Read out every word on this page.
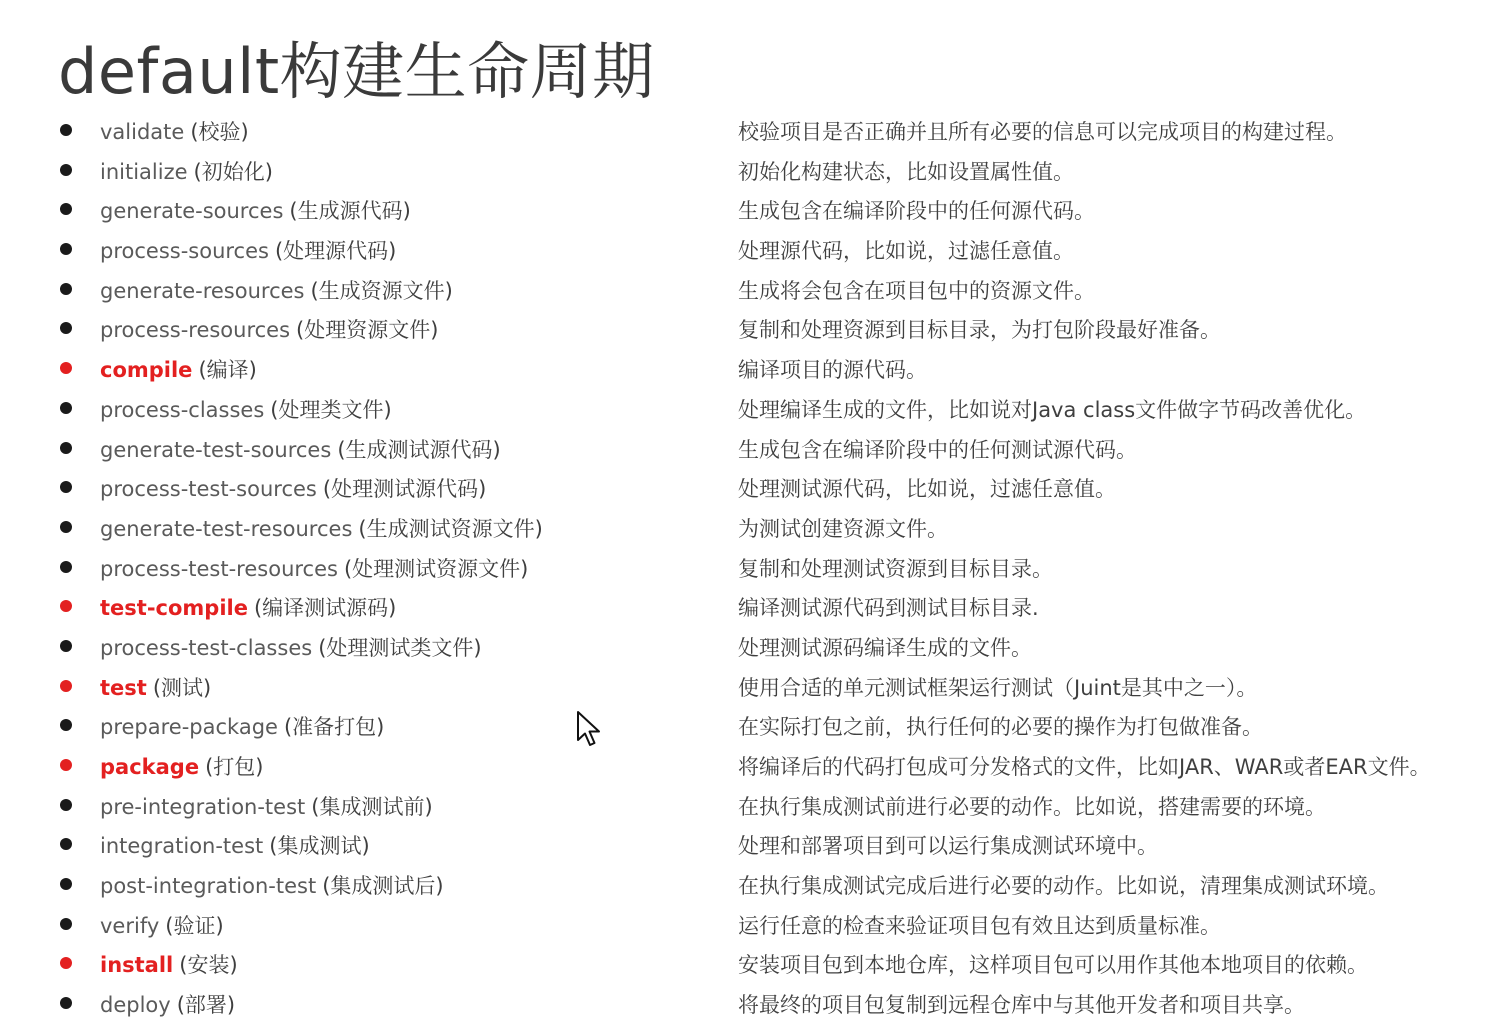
default构建生命周期
validate (校验)	校验项目是否正确并且所有必要的信息可以完成项目的构建过程。
initialize (初始化)	初始化构建状态，比如设置属性值。
generate-sources (生成源代码)	生成包含在编译阶段中的任何源代码。
process-sources (处理源代码)	处理源代码，比如说，过滤任意值。
generate-resources (生成资源文件)	生成将会包含在项目包中的资源文件。
process-resources (处理资源文件)	复制和处理资源到目标目录，为打包阶段最好准备。
compile (编译)	编译项目的源代码。
process-classes (处理类文件)	处理编译生成的文件，比如说对Java class文件做字节码改善优化。
generate-test-sources (生成测试源代码)	生成包含在编译阶段中的任何测试源代码。
process-test-sources (处理测试源代码)	处理测试源代码，比如说，过滤任意值。
generate-test-resources (生成测试资源文件)	为测试创建资源文件。
process-test-resources (处理测试资源文件)	复制和处理测试资源到目标目录。
test-compile (编译测试源码)	编译测试源代码到测试目标目录.
process-test-classes (处理测试类文件)	处理测试源码编译生成的文件。
test (测试)	使用合适的单元测试框架运行测试（Juint是其中之一）。
prepare-package (准备打包)	在实际打包之前，执行任何的必要的操作为打包做准备。
package (打包)	将编译后的代码打包成可分发格式的文件，比如JAR、WAR或者EAR文件。
pre-integration-test (集成测试前)	在执行集成测试前进行必要的动作。比如说，搭建需要的环境。
integration-test (集成测试)	处理和部署项目到可以运行集成测试环境中。
post-integration-test (集成测试后)	在执行集成测试完成后进行必要的动作。比如说，清理集成测试环境。
verify (验证)	运行任意的检查来验证项目包有效且达到质量标准。
install (安装)	安装项目包到本地仓库，这样项目包可以用作其他本地项目的依赖。
deploy (部署)	将最终的项目包复制到远程仓库中与其他开发者和项目共享。
